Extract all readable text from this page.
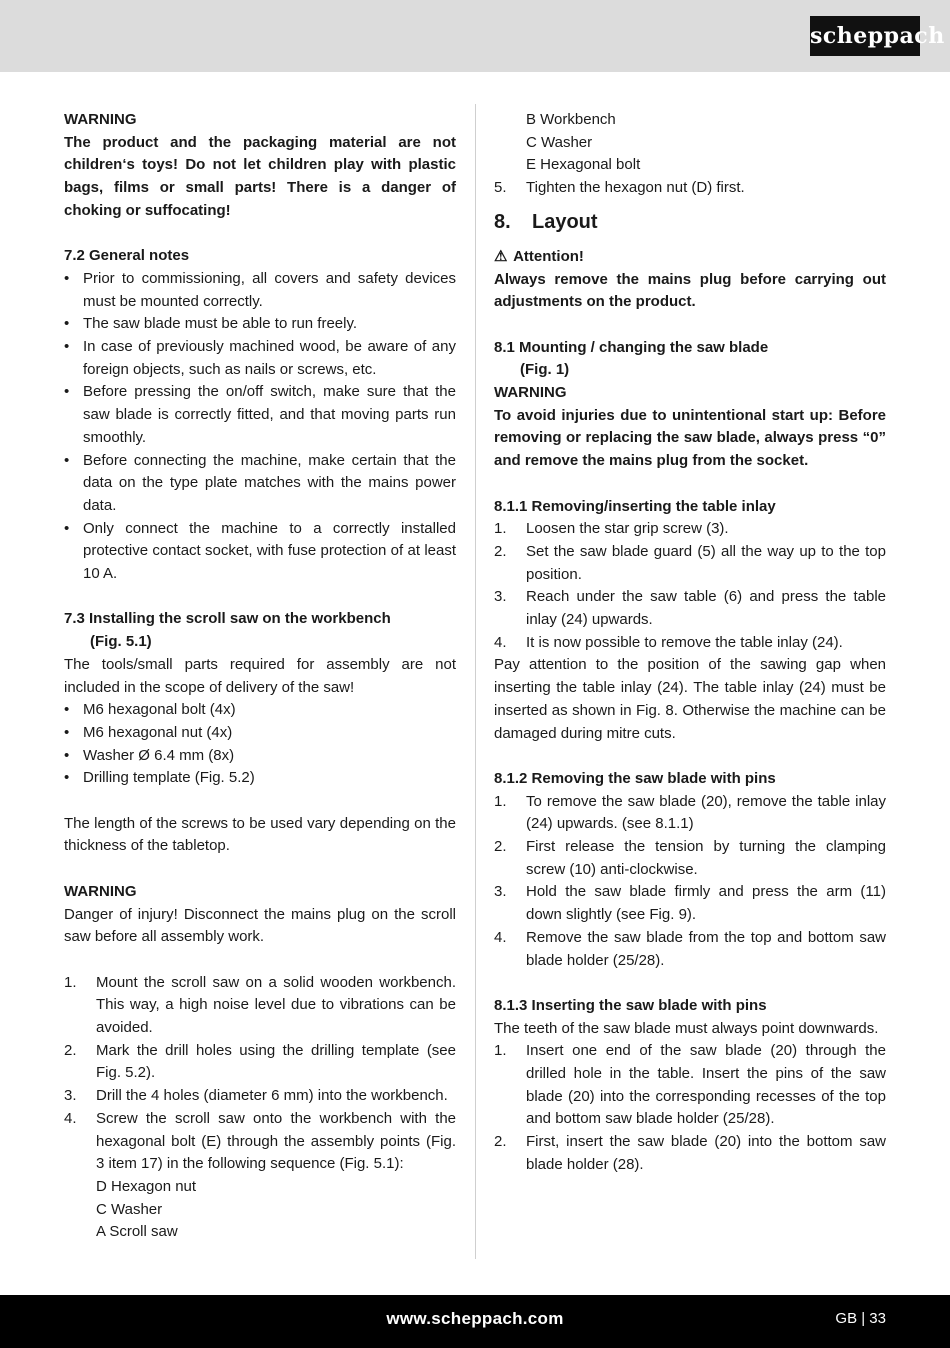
scheppach

WARNING

The product and the packaging material are not children‘s toys! Do not let children play with plastic bags, films or small parts! There is a danger of choking or suffocating!

7.2 General notes

• Prior to commissioning, all covers and safety devices must be mounted correctly.
• The saw blade must be able to run freely.
• In case of previously machined wood, be aware of any foreign objects, such as nails or screws, etc.
• Before pressing the on/off switch, make sure that the saw blade is correctly fitted, and that moving parts run smoothly.
• Before connecting the machine, make certain that the data on the type plate matches with the mains power data.
• Only connect the machine to a correctly installed protective contact socket, with fuse protection of at least 10 A.

7.3 Installing the scroll saw on the workbench

(Fig. 5.1)

The tools/small parts required for assembly are not included in the scope of delivery of the saw!

• M6 hexagonal bolt (4x)
• M6 hexagonal nut (4x)
• Washer Ø 6.4 mm (8x)
• Drilling template (Fig. 5.2)

The length of the screws to be used vary depending on the thickness of the tabletop.

WARNING

Danger of injury! Disconnect the mains plug on the scroll saw before all assembly work.

1. Mount the scroll saw on a solid wooden workbench. This way, a high noise level due to vibrations can be avoided.
2. Mark the drill holes using the drilling template (see Fig. 5.2).
3. Drill the 4 holes (diameter 6 mm) into the workbench.
4. Screw the scroll saw onto the workbench with the hexagonal bolt (E) through the assembly points (Fig. 3 item 17) in the following sequence (Fig. 5.1):

D Hexagon nut

C Washer

A Scroll saw

B Workbench

C Washer

E Hexagonal bolt

5. Tighten the hexagon nut (D) first.
8. Layout

⚠ Attention!

Always remove the mains plug before carrying out adjustments on the product.

8.1 Mounting / changing the saw blade

(Fig. 1)

WARNING

To avoid injuries due to unintentional start up: Before removing or replacing the saw blade, always press “0” and remove the mains plug from the socket.

8.1.1 Removing/inserting the table inlay

1. Loosen the star grip screw (3).
2. Set the saw blade guard (5) all the way up to the top position.
3. Reach under the saw table (6) and press the table inlay (24) upwards.
4. It is now possible to remove the table inlay (24).

Pay attention to the position of the sawing gap when inserting the table inlay (24). The table inlay (24) must be inserted as shown in Fig. 8. Otherwise the machine can be damaged during mitre cuts.

8.1.2 Removing the saw blade with pins

1. To remove the saw blade (20), remove the table inlay (24) upwards. (see 8.1.1)
2. First release the tension by turning the clamping screw (10) anti-clockwise.
3. Hold the saw blade firmly and press the arm (11) down slightly (see Fig. 9).
4. Remove the saw blade from the top and bottom saw blade holder (25/28).

8.1.3 Inserting the saw blade with pins

The teeth of the saw blade must always point downwards.

1. Insert one end of the saw blade (20) through the drilled hole in the table. Insert the pins of the saw blade (20) into the corresponding recesses of the top and bottom saw blade holder (25/28).
2. First, insert the saw blade (20) into the bottom saw blade holder (28).
www.scheppach.com	GB | 33
